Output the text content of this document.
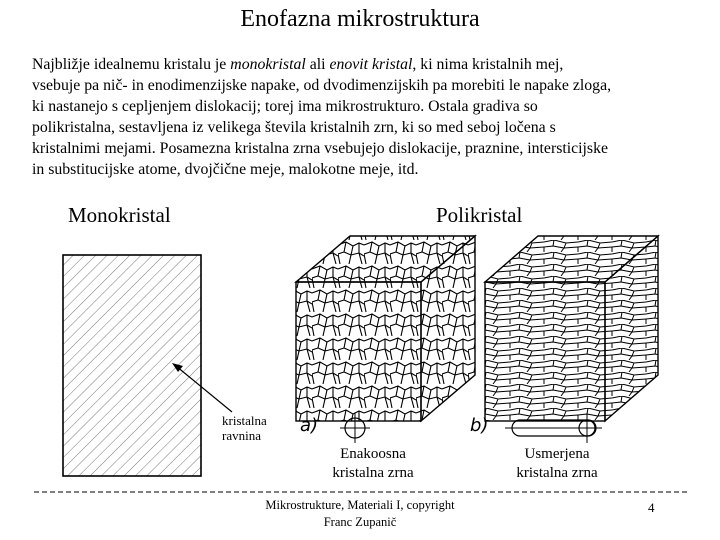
Enofazna mikrostruktura
Najbližje idealnemu kristalu je monokristal ali enovit kristal, ki nima kristalnih mej,
vsebuje pa nič- in enodimenzijske napake, od dvodimenzijskih pa morebiti le napake zloga,
ki nastanejo s cepljenjem dislokacij; torej ima mikrostrukturo. Ostala gradiva so
polikristalna, sestavljena iz velikega števila kristalnih zrn, ki so med seboj ločena s
kristalnimi mejami. Posamezna kristalna zrna vsebujejo dislokacije, praznine, intersticijske
in substitucijske atome, dvojčične meje, malokotne meje, itd.
Monokristal	Polikristal
kristalna
ravnina	a)	b)
Enakoosna
kristalna zrna
Usmerjena
kristalna zrna
Mikrostrukture, Materiali I, copyright
Franc Zupanič
4
